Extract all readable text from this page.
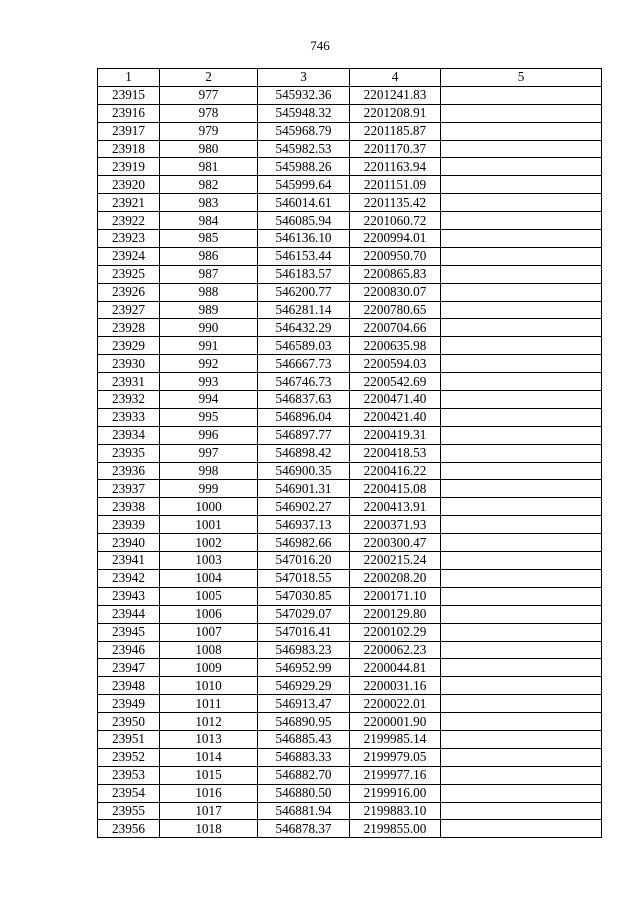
746
1	2	3	4	5
23915	977	545932.36	2201241.83	
23916	978	545948.32	2201208.91	
23917	979	545968.79	2201185.87	
23918	980	545982.53	2201170.37	
23919	981	545988.26	2201163.94	
23920	982	545999.64	2201151.09	
23921	983	546014.61	2201135.42	
23922	984	546085.94	2201060.72	
23923	985	546136.10	2200994.01	
23924	986	546153.44	2200950.70	
23925	987	546183.57	2200865.83	
23926	988	546200.77	2200830.07	
23927	989	546281.14	2200780.65	
23928	990	546432.29	2200704.66	
23929	991	546589.03	2200635.98	
23930	992	546667.73	2200594.03	
23931	993	546746.73	2200542.69	
23932	994	546837.63	2200471.40	
23933	995	546896.04	2200421.40	
23934	996	546897.77	2200419.31	
23935	997	546898.42	2200418.53	
23936	998	546900.35	2200416.22	
23937	999	546901.31	2200415.08	
23938	1000	546902.27	2200413.91	
23939	1001	546937.13	2200371.93	
23940	1002	546982.66	2200300.47	
23941	1003	547016.20	2200215.24	
23942	1004	547018.55	2200208.20	
23943	1005	547030.85	2200171.10	
23944	1006	547029.07	2200129.80	
23945	1007	547016.41	2200102.29	
23946	1008	546983.23	2200062.23	
23947	1009	546952.99	2200044.81	
23948	1010	546929.29	2200031.16	
23949	1011	546913.47	2200022.01	
23950	1012	546890.95	2200001.90	
23951	1013	546885.43	2199985.14	
23952	1014	546883.33	2199979.05	
23953	1015	546882.70	2199977.16	
23954	1016	546880.50	2199916.00	
23955	1017	546881.94	2199883.10	
23956	1018	546878.37	2199855.00	
